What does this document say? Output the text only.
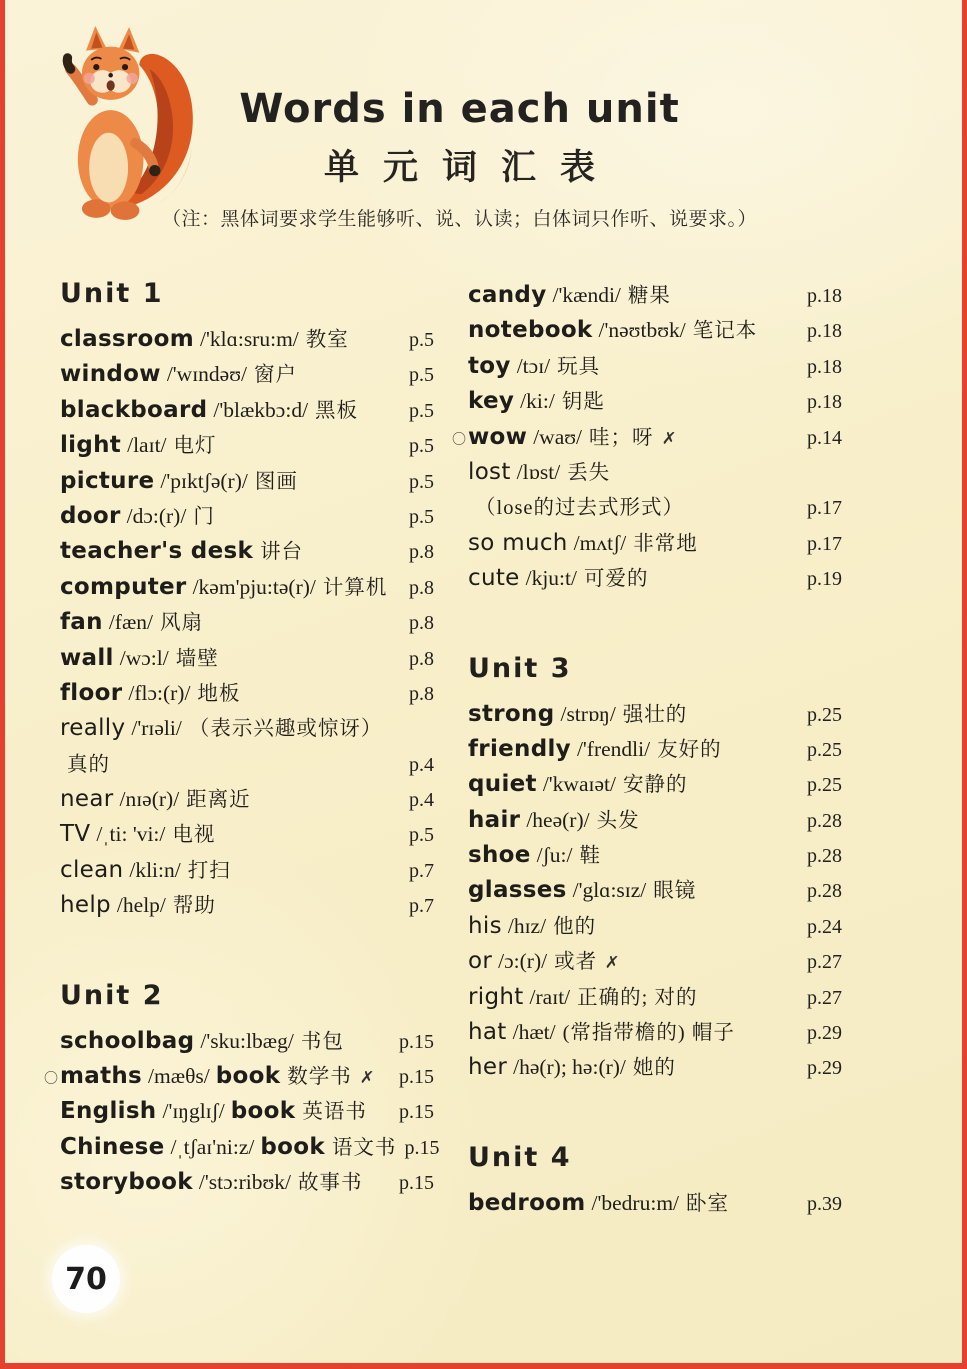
Words in each unit
单元词汇表
（注：黑体词要求学生能够听、说、认读；白体词只作听、说要求。）
Unit 1
classroom /'klɑ:sru:m/ 教室	p.5
window /'wɪndəʊ/ 窗户	p.5
blackboard /'blækbɔ:d/ 黑板	p.5
light /laɪt/ 电灯	p.5
picture /'pɪktʃə(r)/ 图画	p.5
door /dɔ:(r)/ 门	p.5
teacher's desk 讲台	p.8
computer /kəm'pju:tə(r)/ 计算机 p.8
fan /fæn/ 风扇	p.8
wall /wɔ:l/ 墙壁	p.8
floor /flɔ:(r)/ 地板	p.8
really /'rɪəli/ （表示兴趣或惊讶）
真的	p.4
near /nɪə(r)/ 距离近	p.4
TV /ˌti: 'vi:/ 电视	p.5
clean /kli:n/ 打扫	p.7
help /help/ 帮助	p.7
Unit 2
schoolbag /'sku:lbæg/ 书包	p.15
〇maths /mæθs/ book 数学书 ✗ p.15
English /'ɪŋglɪʃ/ book 英语书 p.15
Chinese /ˌtʃaɪ'ni:z/ book 语文书 p.15
storybook /'stɔ:ribʊk/ 故事书 p.15
candy /'kændi/ 糖果	p.18
notebook /'nəʊtbʊk/ 笔记本 p.18
toy /tɔɪ/ 玩具	p.18
key /ki:/ 钥匙	p.18
〇wow /waʊ/ 哇；呀 ✗	p.14
lost /lɒst/ 丢失
（lose的过去式形式）	p.17
so much /mʌtʃ/ 非常地	p.17
cute /kju:t/ 可爱的	p.19
Unit 3
strong /strɒŋ/ 强壮的	p.25
friendly /'frendli/ 友好的	p.25
quiet /'kwaɪət/ 安静的	p.25
hair /heə(r)/ 头发	p.28
shoe /ʃu:/ 鞋	p.28
glasses /'glɑ:sɪz/ 眼镜	p.28
his /hɪz/ 他的	p.24
or /ɔ:(r)/ 或者 ✗	p.27
right /raɪt/ 正确的; 对的	p.27
hat /hæt/ (常指带檐的) 帽子	p.29
her /hə(r); hə:(r)/ 她的	p.29
Unit 4
bedroom /'bedru:m/ 卧室	p.39
70
